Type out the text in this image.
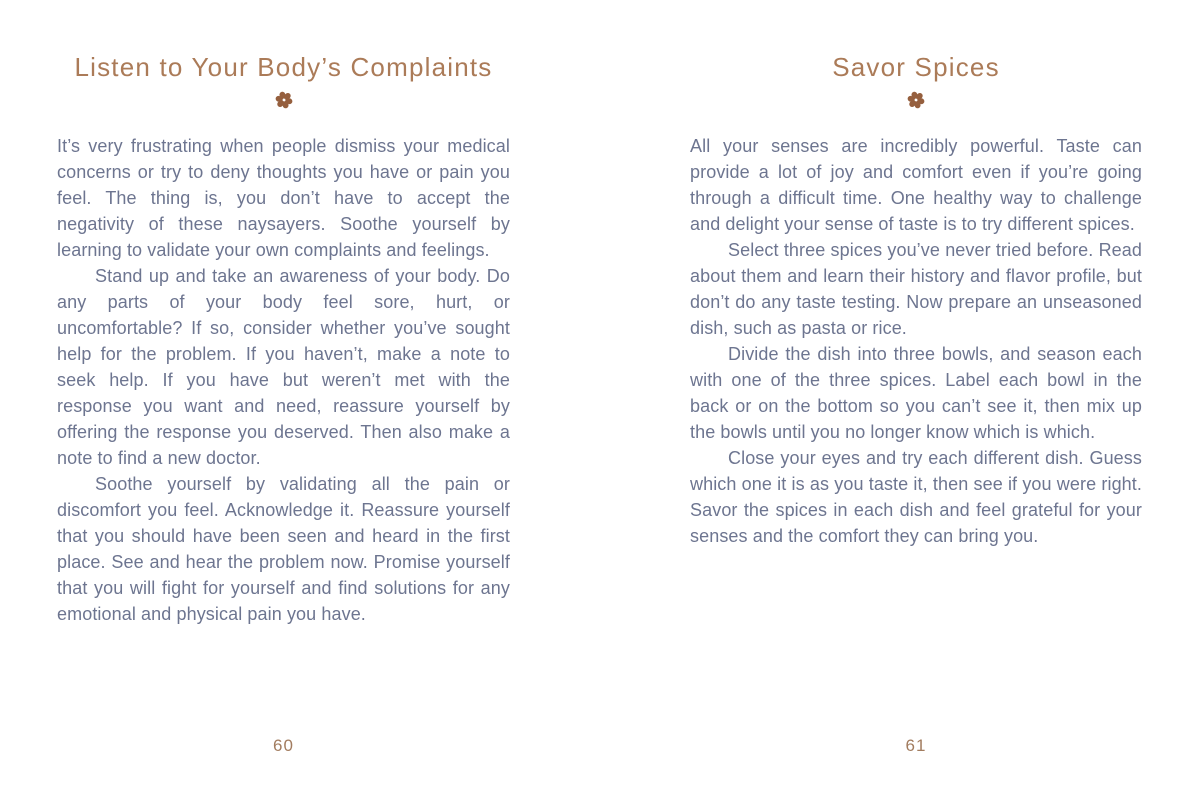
Listen to Your Body’s Complaints

It’s very frustrating when people dismiss your medical concerns or try to deny thoughts you have or pain you feel. The thing is, you don’t have to accept the negativity of these naysayers. Soothe yourself by learning to validate your own complaints and feelings.

Stand up and take an awareness of your body. Do any parts of your body feel sore, hurt, or uncomfortable? If so, consider whether you’ve sought help for the problem. If you haven’t, make a note to seek help. If you have but weren’t met with the response you want and need, reassure yourself by offering the response you deserved. Then also make a note to find a new doctor.

Soothe yourself by validating all the pain or discomfort you feel. Acknowledge it. Reassure yourself that you should have been seen and heard in the first place. See and hear the problem now. Promise yourself that you will fight for yourself and find solutions for any emotional and physical pain you have.

60
Savor Spices

All your senses are incredibly powerful. Taste can provide a lot of joy and comfort even if you’re going through a difficult time. One healthy way to challenge and delight your sense of taste is to try different spices.

Select three spices you’ve never tried before. Read about them and learn their history and flavor profile, but don’t do any taste testing. Now prepare an unseasoned dish, such as pasta or rice.

Divide the dish into three bowls, and season each with one of the three spices. Label each bowl in the back or on the bottom so you can’t see it, then mix up the bowls until you no longer know which is which.

Close your eyes and try each different dish. Guess which one it is as you taste it, then see if you were right. Savor the spices in each dish and feel grateful for your senses and the comfort they can bring you.

61
